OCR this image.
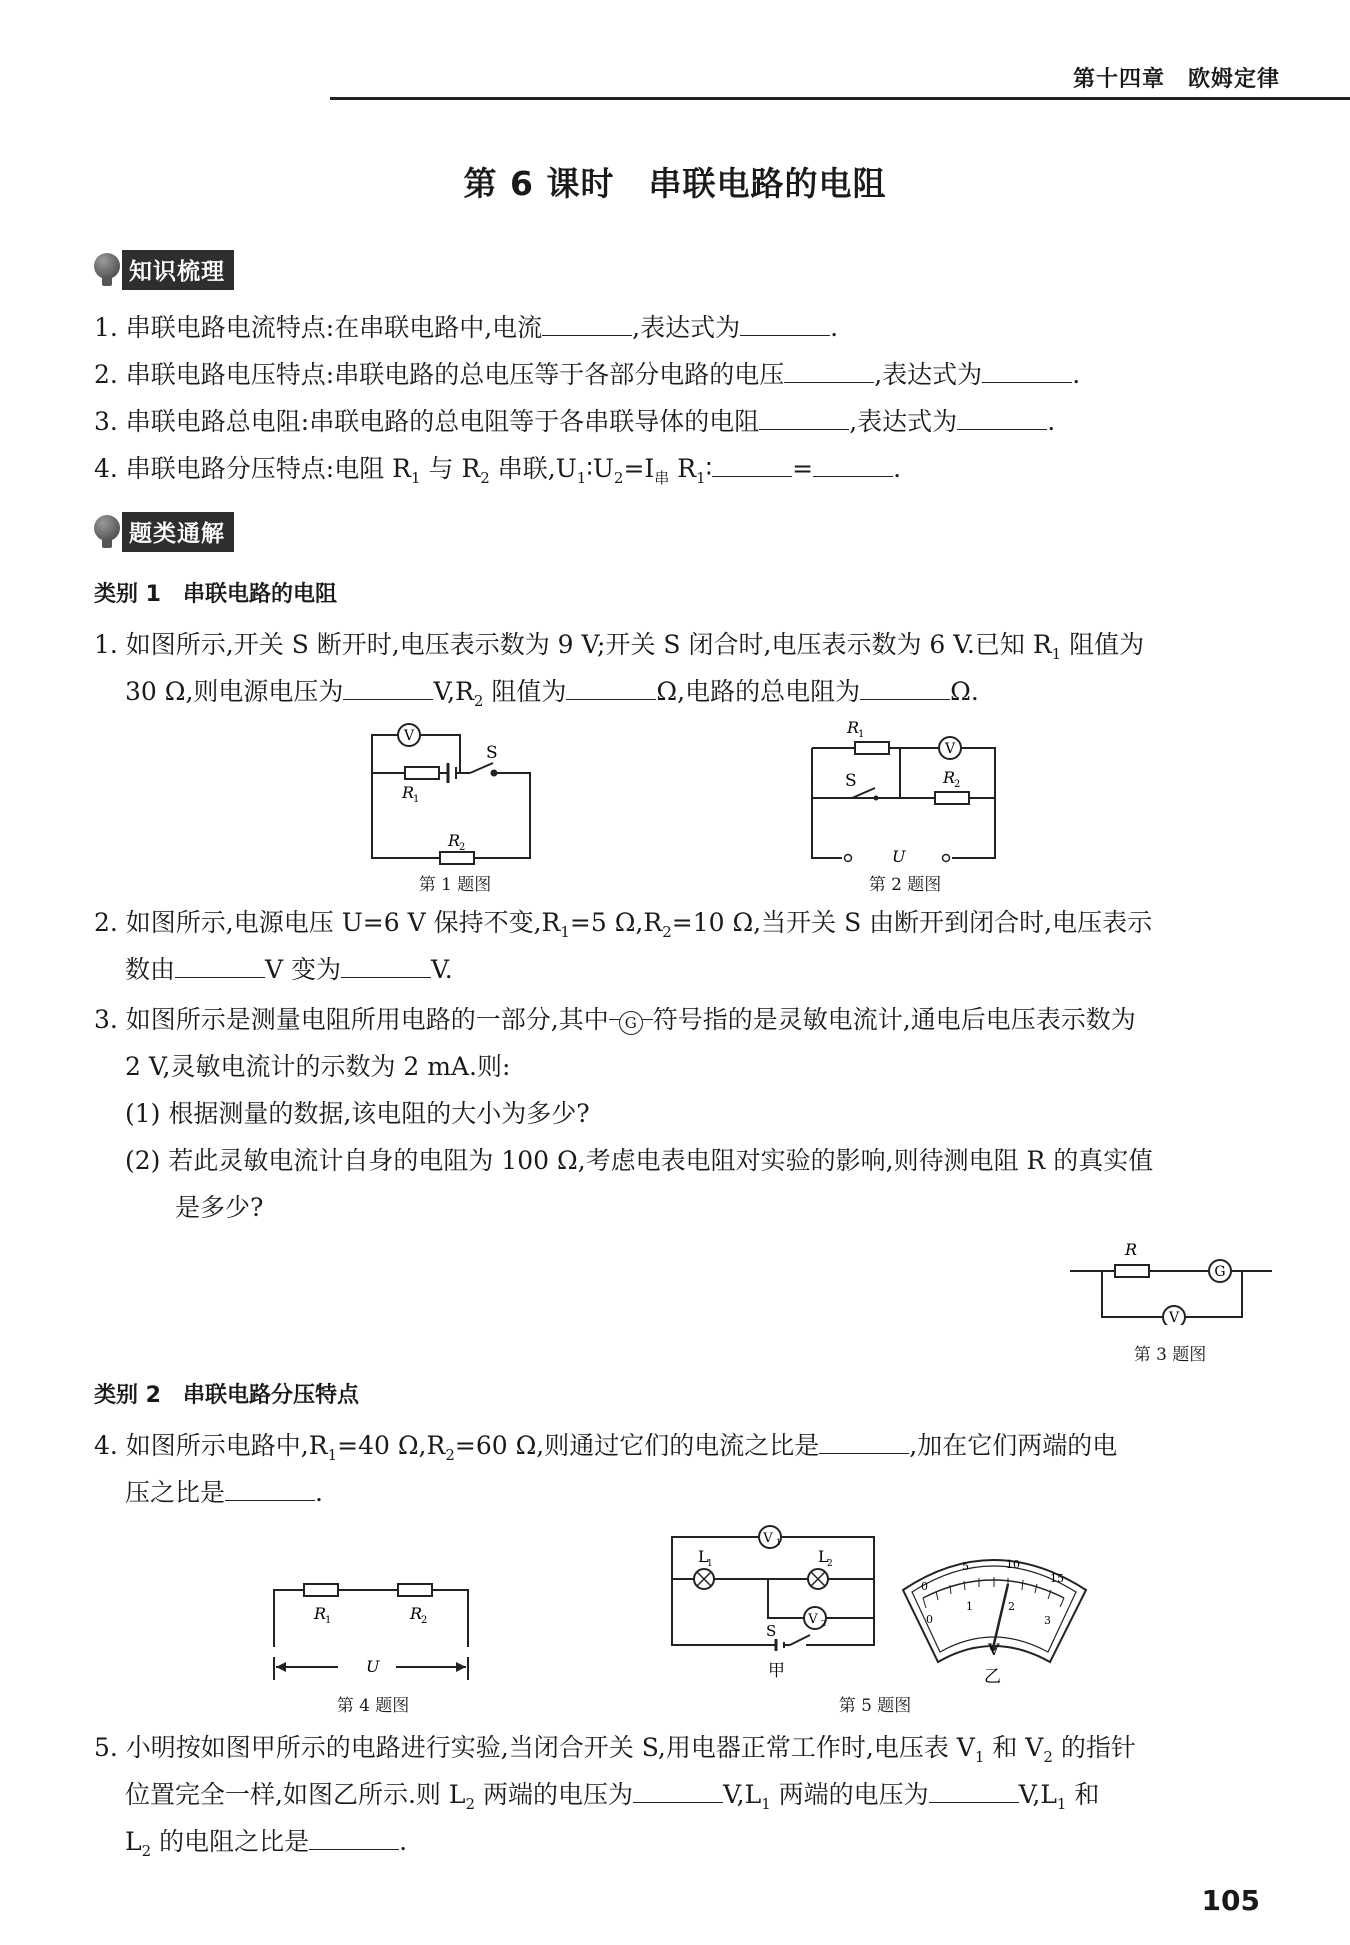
第十四章　欧姆定律
第 6 课时　串联电路的电阻
知识梳理
1. 串联电路电流特点:在串联电路中,电流	,表达式为	.
2. 串联电路电压特点:串联电路的总电压等于各部分电路的电压	,表达式为	.
3. 串联电路总电阻:串联电路的总电阻等于各串联导体的电阻	,表达式为	.
4. 串联电路分压特点:电阻 $R_1$ 与 $R_2$ 串联$,U_1∶U_2=I_串$ $R_1∶$	=	.
题类通解
类别 1　串联电路的电阻
1. 如图所示,开关 S 断开时,电压表示数为 9 V;开关 S 闭合时,电压表示数为 6 V.已知 $R_1$ 阻值为
30 Ω,则电源电压为	$V,R_2$ 阻值为	Ω,电路的总电阻为	Ω.
V
S
R
1
R
2
第 1 题图
V
R
1
S	R
2
U
第 2 题图
2. 如图所示,电源电压 U=6 V 保持不变$,R_1=5$ $\Omega,R_2=10$ Ω,当开关 S 由断开到闭合时,电压表示
数由	V 变为	V.
3. 如图所示是测量电阻所用电路的一部分,其中 G 符号指的是灵敏电流计,通电后电压表示数为
2 V,灵敏电流计的示数为 2 mA.则:
(1) 根据测量的数据,该电阻的大小为多少?
(2) 若此灵敏电流计自身的电阻为 100 Ω,考虑电表电阻对实验的影响,则待测电阻 R 的真实值
是多少?
G
V
R
第 3 题图
类别 2　串联电路分压特点
4. 如图所示电路中$,R_1=40$ $\Omega,R_2=60$ Ω,则通过它们的电流之比是	,加在它们两端的电
压之比是	.
R
1	R
2
U
第 4 题图
V 1
V 2
L
1	L
2
S
甲
0
5	10
15
0
1	2
3
V
乙
第 5 题图
5. 小明按如图甲所示的电路进行实验,当闭合开关 S,用电器正常工作时,电压表 $V_1$ 和 $V_2$ 的指针
位置完全一样,如图乙所示.则 $L_2$ 两端的电压为	$V,L_1$ 两端的电压为	$V,L_1$ 和
$L_2$ 的电阻之比是	.
105
